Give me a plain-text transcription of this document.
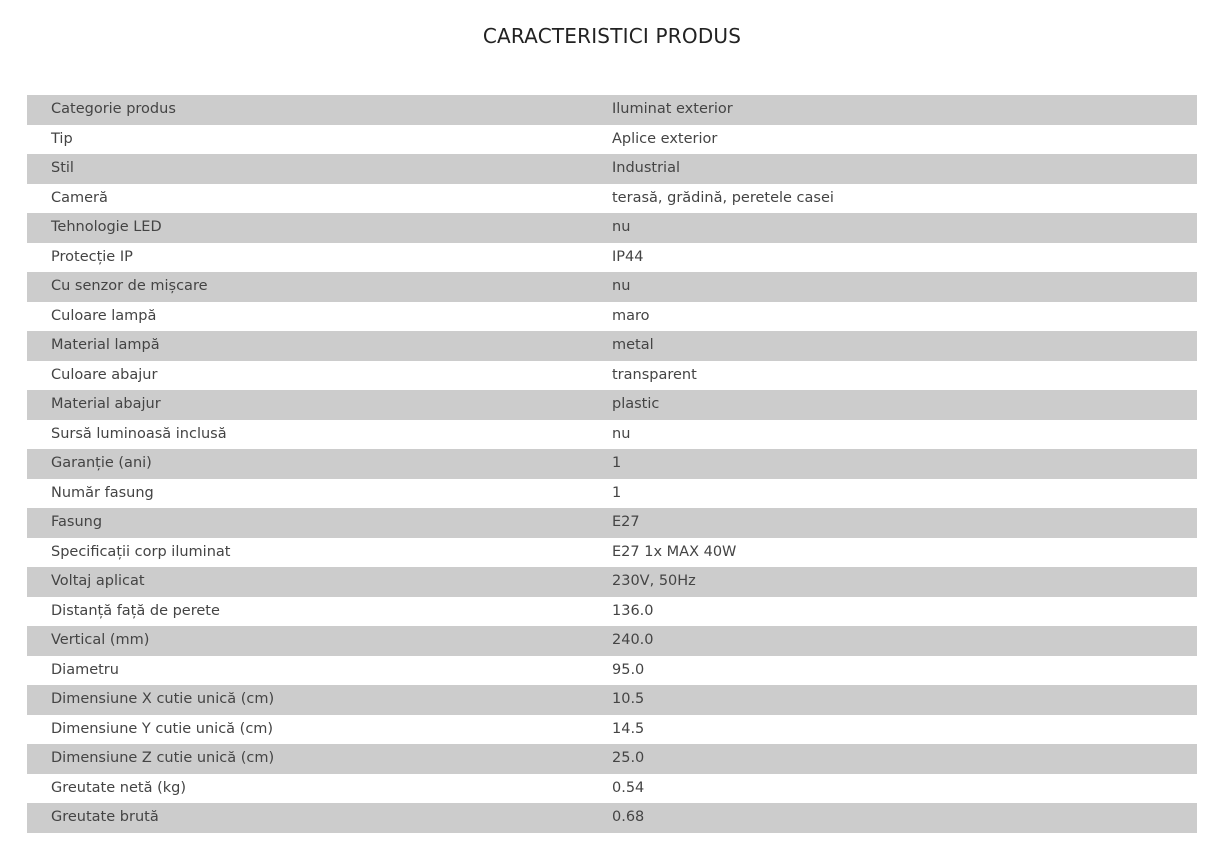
CARACTERISTICI PRODUS
Categorie produs	Iluminat exterior
Tip	Aplice exterior
Stil	Industrial
Cameră	terasă, grădină, peretele casei
Tehnologie LED	nu
Protecție IP	IP44
Cu senzor de mișcare	nu
Culoare lampă	maro
Material lampă	metal
Culoare abajur	transparent
Material abajur	plastic
Sursă luminoasă inclusă	nu
Garanție (ani)	1
Număr fasung	1
Fasung	E27
Specificații corp iluminat	E27 1x MAX 40W
Voltaj aplicat	230V, 50Hz
Distanță față de perete	136.0
Vertical (mm)	240.0
Diametru	95.0
Dimensiune X cutie unică (cm)	10.5
Dimensiune Y cutie unică (cm)	14.5
Dimensiune Z cutie unică (cm)	25.0
Greutate netă (kg)	0.54
Greutate brută	0.68
